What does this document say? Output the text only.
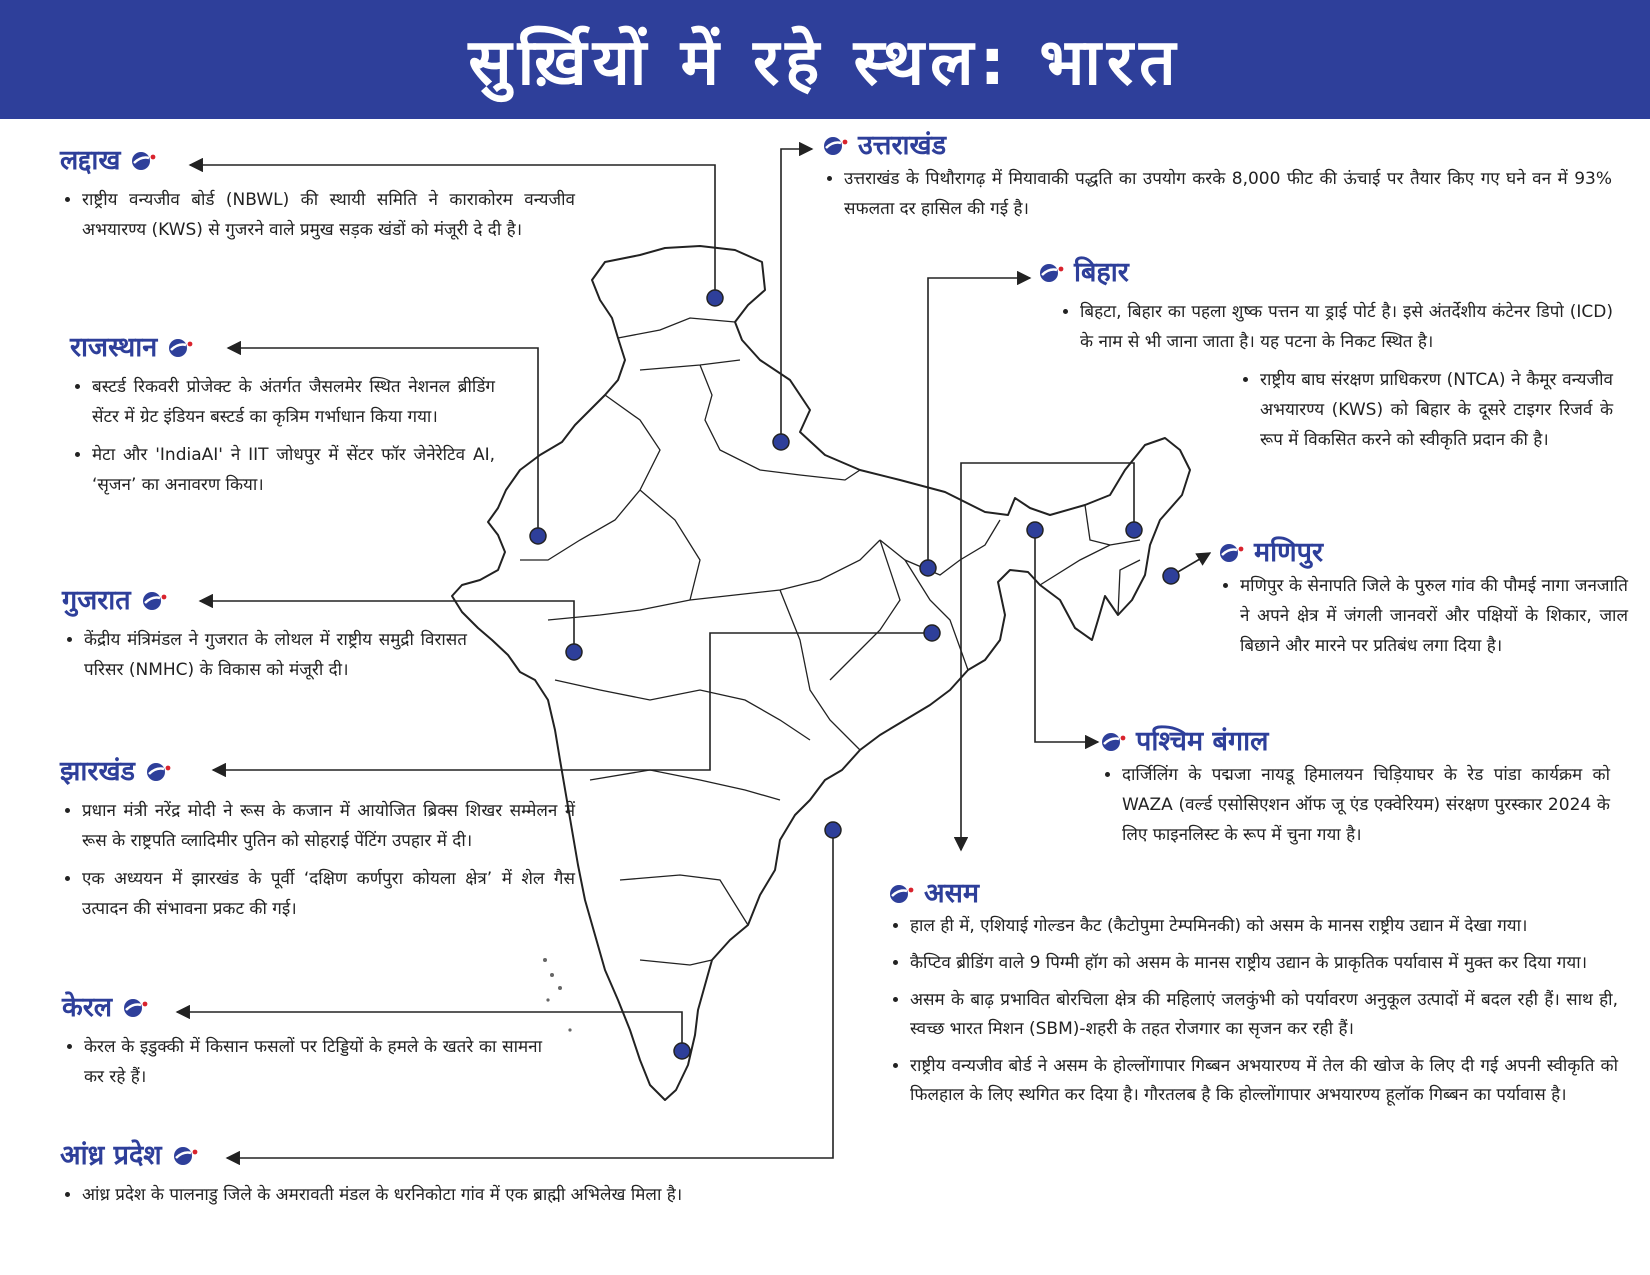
सुर्ख़ियों में रहे स्थल: भारत
लद्दाख
• राष्ट्रीय वन्यजीव बोर्ड (NBWL) की स्थायी समिति ने काराकोरम वन्यजीव अभयारण्य (KWS) से गुजरने वाले प्रमुख सड़क खंडों को मंजूरी दे दी है।
राजस्थान
• बस्टर्ड रिकवरी प्रोजेक्ट के अंतर्गत जैसलमेर स्थित नेशनल ब्रीडिंग सेंटर में ग्रेट इंडियन बस्टर्ड का कृत्रिम गर्भाधान किया गया।
• मेटा और 'IndiaAI' ने IIT जोधपुर में सेंटर फॉर जेनेरेटिव AI, ‘सृजन’ का अनावरण किया।
गुजरात
• केंद्रीय मंत्रिमंडल ने गुजरात के लोथल में राष्ट्रीय समुद्री विरासत परिसर (NMHC) के विकास को मंजूरी दी।
झारखंड
• प्रधान मंत्री नरेंद्र मोदी ने रूस के कजान में आयोजित ब्रिक्स शिखर सम्मेलन में रूस के राष्ट्रपति व्लादिमीर पुतिन को सोहराई पेंटिंग उपहार में दी।
• एक अध्ययन में झारखंड के पूर्वी ‘दक्षिण कर्णपुरा कोयला क्षेत्र’ में शेल गैस उत्पादन की संभावना प्रकट की गई।
केरल
• केरल के इडुक्की में किसान फसलों पर टिड्डियों के हमले के खतरे का सामना कर रहे हैं।
आंध्र प्रदेश
• आंध्र प्रदेश के पालनाडु जिले के अमरावती मंडल के धरनिकोटा गांव में एक ब्राह्मी अभिलेख मिला है।
उत्तराखंड
• उत्तराखंड के पिथौरागढ़ में मियावाकी पद्धति का उपयोग करके 8,000 फीट की ऊंचाई पर तैयार किए गए घने वन में 93% सफलता दर हासिल की गई है।
बिहार
• बिहटा, बिहार का पहला शुष्क पत्तन या ड्राई पोर्ट है। इसे अंतर्देशीय कंटेनर डिपो (ICD) के नाम से भी जाना जाता है। यह पटना के निकट स्थित है।
• राष्ट्रीय बाघ संरक्षण प्राधिकरण (NTCA) ने कैमूर वन्यजीव अभयारण्य (KWS) को बिहार के दूसरे टाइगर रिजर्व के रूप में विकसित करने को स्वीकृति प्रदान की है।
मणिपुर
• मणिपुर के सेनापति जिले के पुरुल गांव की पौमई नागा जनजाति ने अपने क्षेत्र में जंगली जानवरों और पक्षियों के शिकार, जाल बिछाने और मारने पर प्रतिबंध लगा दिया है।
पश्चिम बंगाल
• दार्जिलिंग के पद्मजा नायडू हिमालयन चिड़ियाघर के रेड पांडा कार्यक्रम को WAZA (वर्ल्ड एसोसिएशन ऑफ जू एंड एक्वेरियम) संरक्षण पुरस्कार 2024 के लिए फाइनलिस्ट के रूप में चुना गया है।
असम
• हाल ही में, एशियाई गोल्डन कैट (कैटोपुमा टेम्पमिनकी) को असम के मानस राष्ट्रीय उद्यान में देखा गया।
• कैप्टिव ब्रीडिंग वाले 9 पिग्मी हॉग को असम के मानस राष्ट्रीय उद्यान के प्राकृतिक पर्यावास में मुक्त कर दिया गया।
• असम के बाढ़ प्रभावित बोरचिला क्षेत्र की महिलाएं जलकुंभी को पर्यावरण अनुकूल उत्पादों में बदल रही हैं। साथ ही, स्वच्छ भारत मिशन (SBM)-शहरी के तहत रोजगार का सृजन कर रही हैं।
• राष्ट्रीय वन्यजीव बोर्ड ने असम के होल्लोंगापार गिब्बन अभयारण्य में तेल की खोज के लिए दी गई अपनी स्वीकृति को फिलहाल के लिए स्थगित कर दिया है। गौरतलब है कि होल्लोंगापार अभयारण्य हूलॉक गिब्बन का पर्यावास है।
